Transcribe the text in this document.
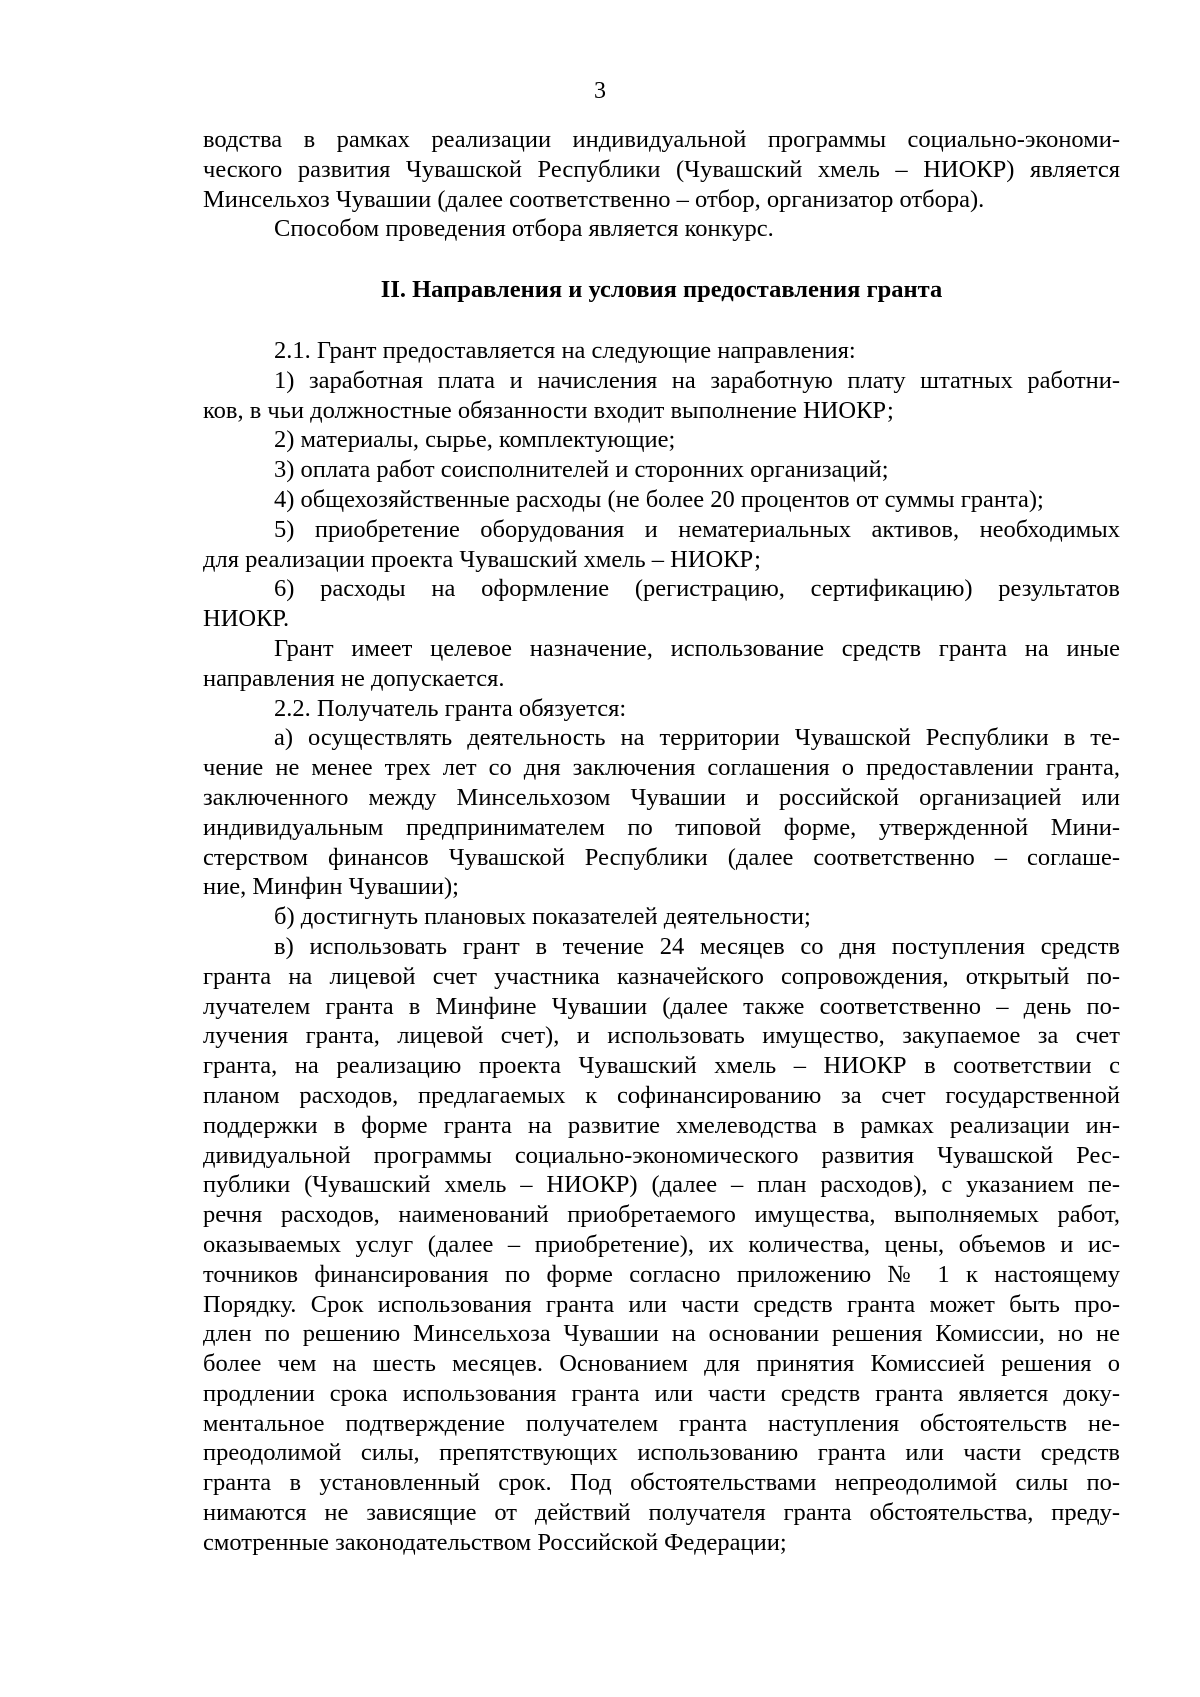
3
водства в рамках реализации индивидуальной программы социально-экономи-
ческого развития Чувашской Республики (Чувашский хмель – НИОКР) является
Минсельхоз Чувашии (далее соответственно – отбор, организатор отбора).
Способом проведения отбора является конкурс.
II. Направления и условия предоставления гранта
2.1. Грант предоставляется на следующие направления:
1) заработная плата и начисления на заработную плату штатных работни-
ков, в чьи должностные обязанности входит выполнение НИОКР;
2) материалы, сырье, комплектующие;
3) оплата работ соисполнителей и сторонних организаций;
4) общехозяйственные расходы (не более 20 процентов от суммы гранта);
5) приобретение оборудования и нематериальных активов, необходимых
для реализации проекта Чувашский хмель – НИОКР;
6) расходы на оформление (регистрацию, сертификацию) результатов
НИОКР.
Грант имеет целевое назначение, использование средств гранта на иные
направления не допускается.
2.2. Получатель гранта обязуется:
а) осуществлять деятельность на территории Чувашской Республики в те-
чение не менее трех лет со дня заключения соглашения о предоставлении гранта,
заключенного между Минсельхозом Чувашии и российской организацией или
индивидуальным предпринимателем по типовой форме, утвержденной Мини-
стерством финансов Чувашской Республики (далее соответственно – соглаше-
ние, Минфин Чувашии);
б) достигнуть плановых показателей деятельности;
в) использовать грант в течение 24 месяцев со дня поступления средств
гранта на лицевой счет участника казначейского сопровождения, открытый по-
лучателем гранта в Минфине Чувашии (далее также соответственно – день по-
лучения гранта, лицевой счет), и использовать имущество, закупаемое за счет
гранта, на реализацию проекта Чувашский хмель – НИОКР в соответствии с
планом расходов, предлагаемых к софинансированию за счет государственной
поддержки в форме гранта на развитие хмелеводства в рамках реализации ин-
дивидуальной программы социально-экономического развития Чувашской Рес-
публики (Чувашский хмель – НИОКР) (далее – план расходов), с указанием пе-
речня расходов, наименований приобретаемого имущества, выполняемых работ,
оказываемых услуг (далее – приобретение), их количества, цены, объемов и ис-
точников финансирования по форме согласно приложению № 1 к настоящему
Порядку. Срок использования гранта или части средств гранта может быть про-
длен по решению Минсельхоза Чувашии на основании решения Комиссии, но не
более чем на шесть месяцев. Основанием для принятия Комиссией решения о
продлении срока использования гранта или части средств гранта является доку-
ментальное подтверждение получателем гранта наступления обстоятельств не-
преодолимой силы, препятствующих использованию гранта или части средств
гранта в установленный срок. Под обстоятельствами непреодолимой силы по-
нимаются не зависящие от действий получателя гранта обстоятельства, преду-
смотренные законодательством Российской Федерации;
